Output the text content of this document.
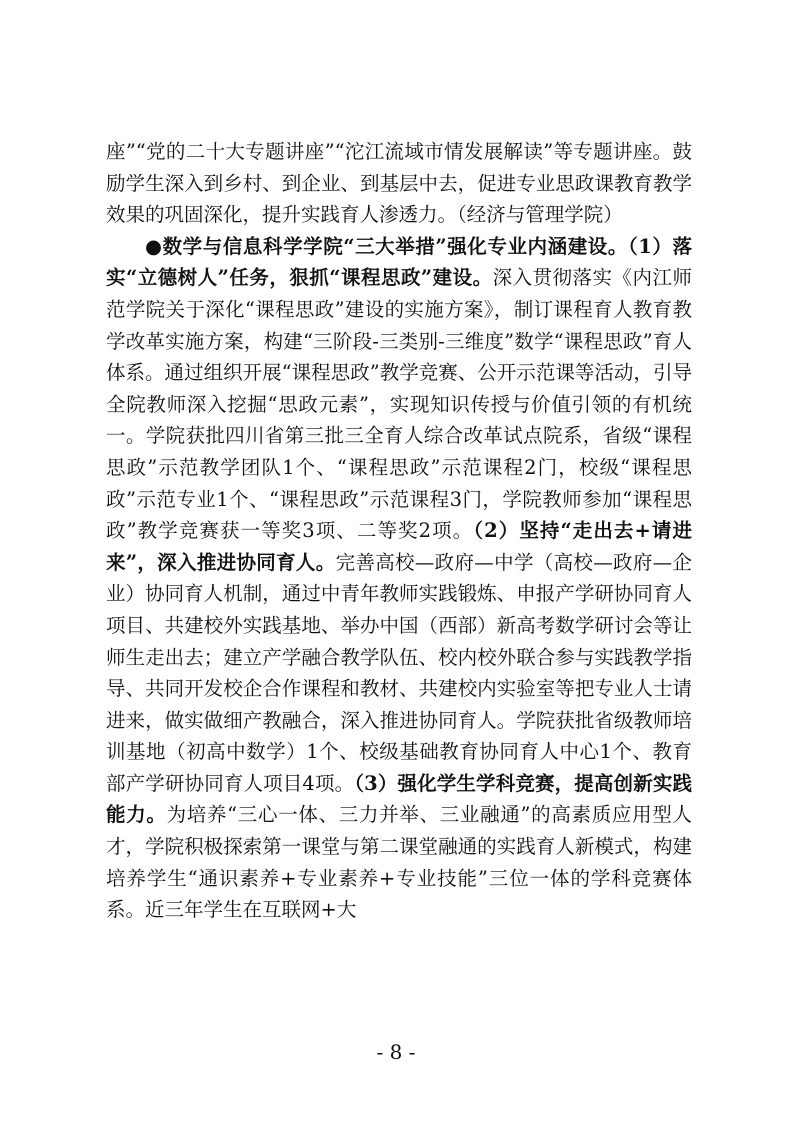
座”“党的二十大专题讲座”“沱江流域市情发展解读”等专题讲座。鼓励学生深入到乡村、到企业、到基层中去，促进专业思政课教育教学效果的巩固深化，提升实践育人渗透力。（经济与管理学院）

●数学与信息科学学院“三大举措”强化专业内涵建设。（1）落实“立德树人”任务，狠抓“课程思政”建设。深入贯彻落实《内江师范学院关于深化“课程思政”建设的实施方案》，制订课程育人教育教学改革实施方案，构建“三阶段-三类别-三维度”数学“课程思政”育人体系。通过组织开展“课程思政”教学竞赛、公开示范课等活动，引导全院教师深入挖掘“思政元素”，实现知识传授与价值引领的有机统一。学院获批四川省第三批三全育人综合改革试点院系，省级“课程思政”示范教学团队1个、“课程思政”示范课程2门，校级“课程思政”示范专业1个、“课程思政”示范课程3门，学院教师参加“课程思政”教学竞赛获一等奖3项、二等奖2项。（2）坚持“走出去+请进来”，深入推进协同育人。完善高校—政府—中学（高校—政府—企业）协同育人机制，通过中青年教师实践锻炼、申报产学研协同育人项目、共建校外实践基地、举办中国（西部）新高考数学研讨会等让师生走出去；建立产学融合教学队伍、校内校外联合参与实践教学指导、共同开发校企合作课程和教材、共建校内实验室等把专业人士请进来，做实做细产教融合，深入推进协同育人。学院获批省级教师培训基地（初高中数学）1个、校级基础教育协同育人中心1个、教育部产学研协同育人项目4项。（3）强化学生学科竞赛，提高创新实践能力。为培养“三心一体、三力并举、三业融通”的高素质应用型人才，学院积极探索第一课堂与第二课堂融通的实践育人新模式，构建培养学生“通识素养+专业素养+专业技能”三位一体的学科竞赛体系。近三年学生在互联网+大

- 8 -
